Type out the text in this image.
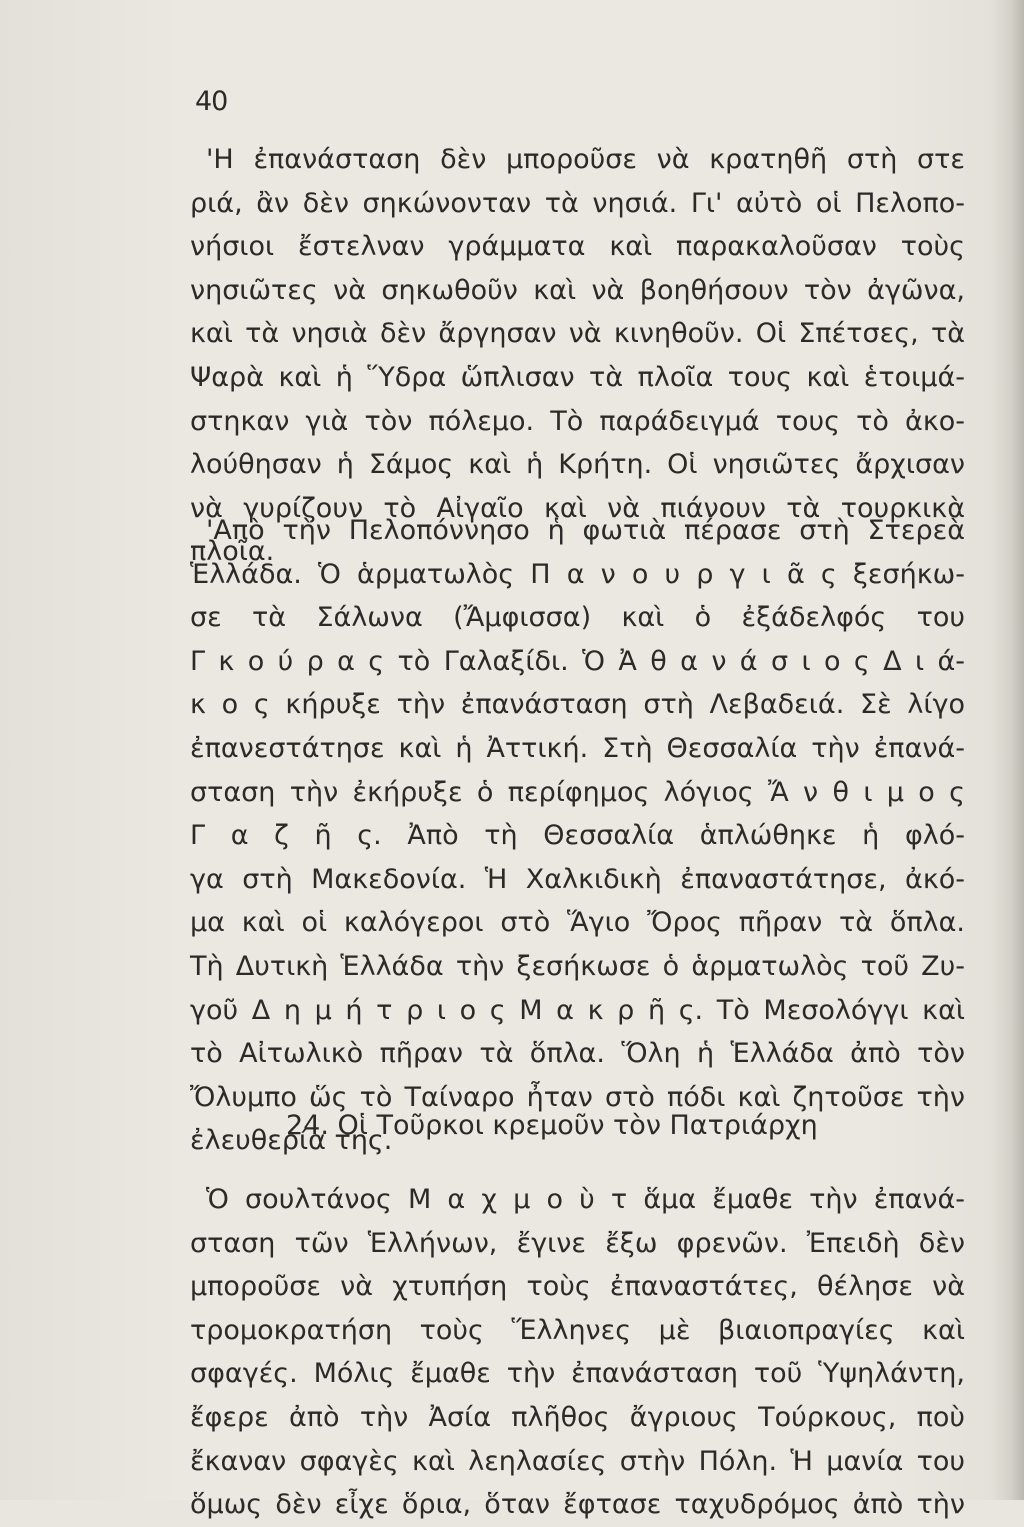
40
'Η ἐπανάσταση δὲν μποροῦσε νὰ κρατηθῆ στὴ στε
ριά, ἂν δὲν σηκώνονταν τὰ νησιά. Γι' αὐτὸ οἱ Πελοπο-
νήσιοι ἔστελναν γράμματα καὶ παρακαλοῦσαν τοὺς
νησιῶτες νὰ σηκωθοῦν καὶ νὰ βοηθήσουν τὸν ἀγῶνα,
καὶ τὰ νησιὰ δὲν ἄργησαν νὰ κινηθοῦν. Οἱ Σπέτσες, τὰ
Ψαρὰ καὶ ἡ Ὕδρα ὥπλισαν τὰ πλοῖα τους καὶ ἑτοιμά-
στηκαν γιὰ τὸν πόλεμο. Τὸ παράδειγμά τους τὸ ἀκο-
λούθησαν ἡ Σάμος καὶ ἡ Κρήτη. Οἱ νησιῶτες ἄρχισαν
νὰ γυρίζουν τὸ Αἰγαῖο καὶ νὰ πιάνουν τὰ τουρκικὰ
πλοῖα.
'Απὸ τὴν Πελοπόννησο ἡ φωτιὰ πέρασε στὴ Στερεὰ
Ἑλλάδα. Ὁ ἁρματωλὸς Π α ν ο υ ρ γ ι ᾶ ς ξεσήκω-
σε τὰ Σάλωνα (Ἄμφισσα) καὶ ὁ ἐξάδελφός του
Γ κ ο ύ ρ α ς τὸ Γαλαξίδι. Ὁ Ἀ θ α ν ά σ ι ο ς Δ ι ά-
κ ο ς κήρυξε τὴν ἐπανάσταση στὴ Λεβαδειά. Σὲ λίγο
ἐπανεστάτησε καὶ ἡ Ἀττική. Στὴ Θεσσαλία τὴν ἐπανά-
σταση τὴν ἐκήρυξε ὁ περίφημος λόγιος Ἄ ν θ ι μ ο ς
Γ α ζ ῆ ς. Ἀπὸ τὴ Θεσσαλία ἁπλώθηκε ἡ φλό-
γα στὴ Μακεδονία. Ἡ Χαλκιδικὴ ἐπαναστάτησε, ἀκό-
μα καὶ οἱ καλόγεροι στὸ Ἅγιο Ὄρος πῆραν τὰ ὅπλα.
Τὴ Δυτικὴ Ἑλλάδα τὴν ξεσήκωσε ὁ ἁρματωλὸς τοῦ Ζυ-
γοῦ Δ η μ ή τ ρ ι ο ς Μ α κ ρ ῆ ς. Τὸ Μεσολόγγι καὶ
τὸ Αἰτωλικὸ πῆραν τὰ ὅπλα. Ὅλη ἡ Ἑλλάδα ἀπὸ τὸν
Ὄλυμπο ὥς τὸ Ταίναρο ἦταν στὸ πόδι καὶ ζητοῦσε τὴν
ἐλευθερία της.
24. Οἱ Τοῦρκοι κρεμοῦν τὸν Πατριάρχη
Ὁ σουλτάνος Μ α χ μ ο ὺ τ ἅμα ἔμαθε τὴν ἐπανά-
σταση τῶν Ἑλλήνων, ἔγινε ἔξω φρενῶν. Ἐπειδὴ δὲν
μποροῦσε νὰ χτυπήση τοὺς ἐπαναστάτες, θέλησε νὰ
τρομοκρατήση τοὺς Ἕλληνες μὲ βιαιοπραγίες καὶ
σφαγές. Μόλις ἔμαθε τὴν ἐπανάσταση τοῦ Ὑψηλάντη,
ἔφερε ἀπὸ τὴν Ἀσία πλῆθος ἄγριους Τούρκους, ποὺ
ἔκαναν σφαγὲς καὶ λεηλασίες στὴν Πόλη. Ἡ μανία του
ὅμως δὲν εἶχε ὅρια, ὅταν ἔφτασε ταχυδρόμος ἀπὸ τὴν
